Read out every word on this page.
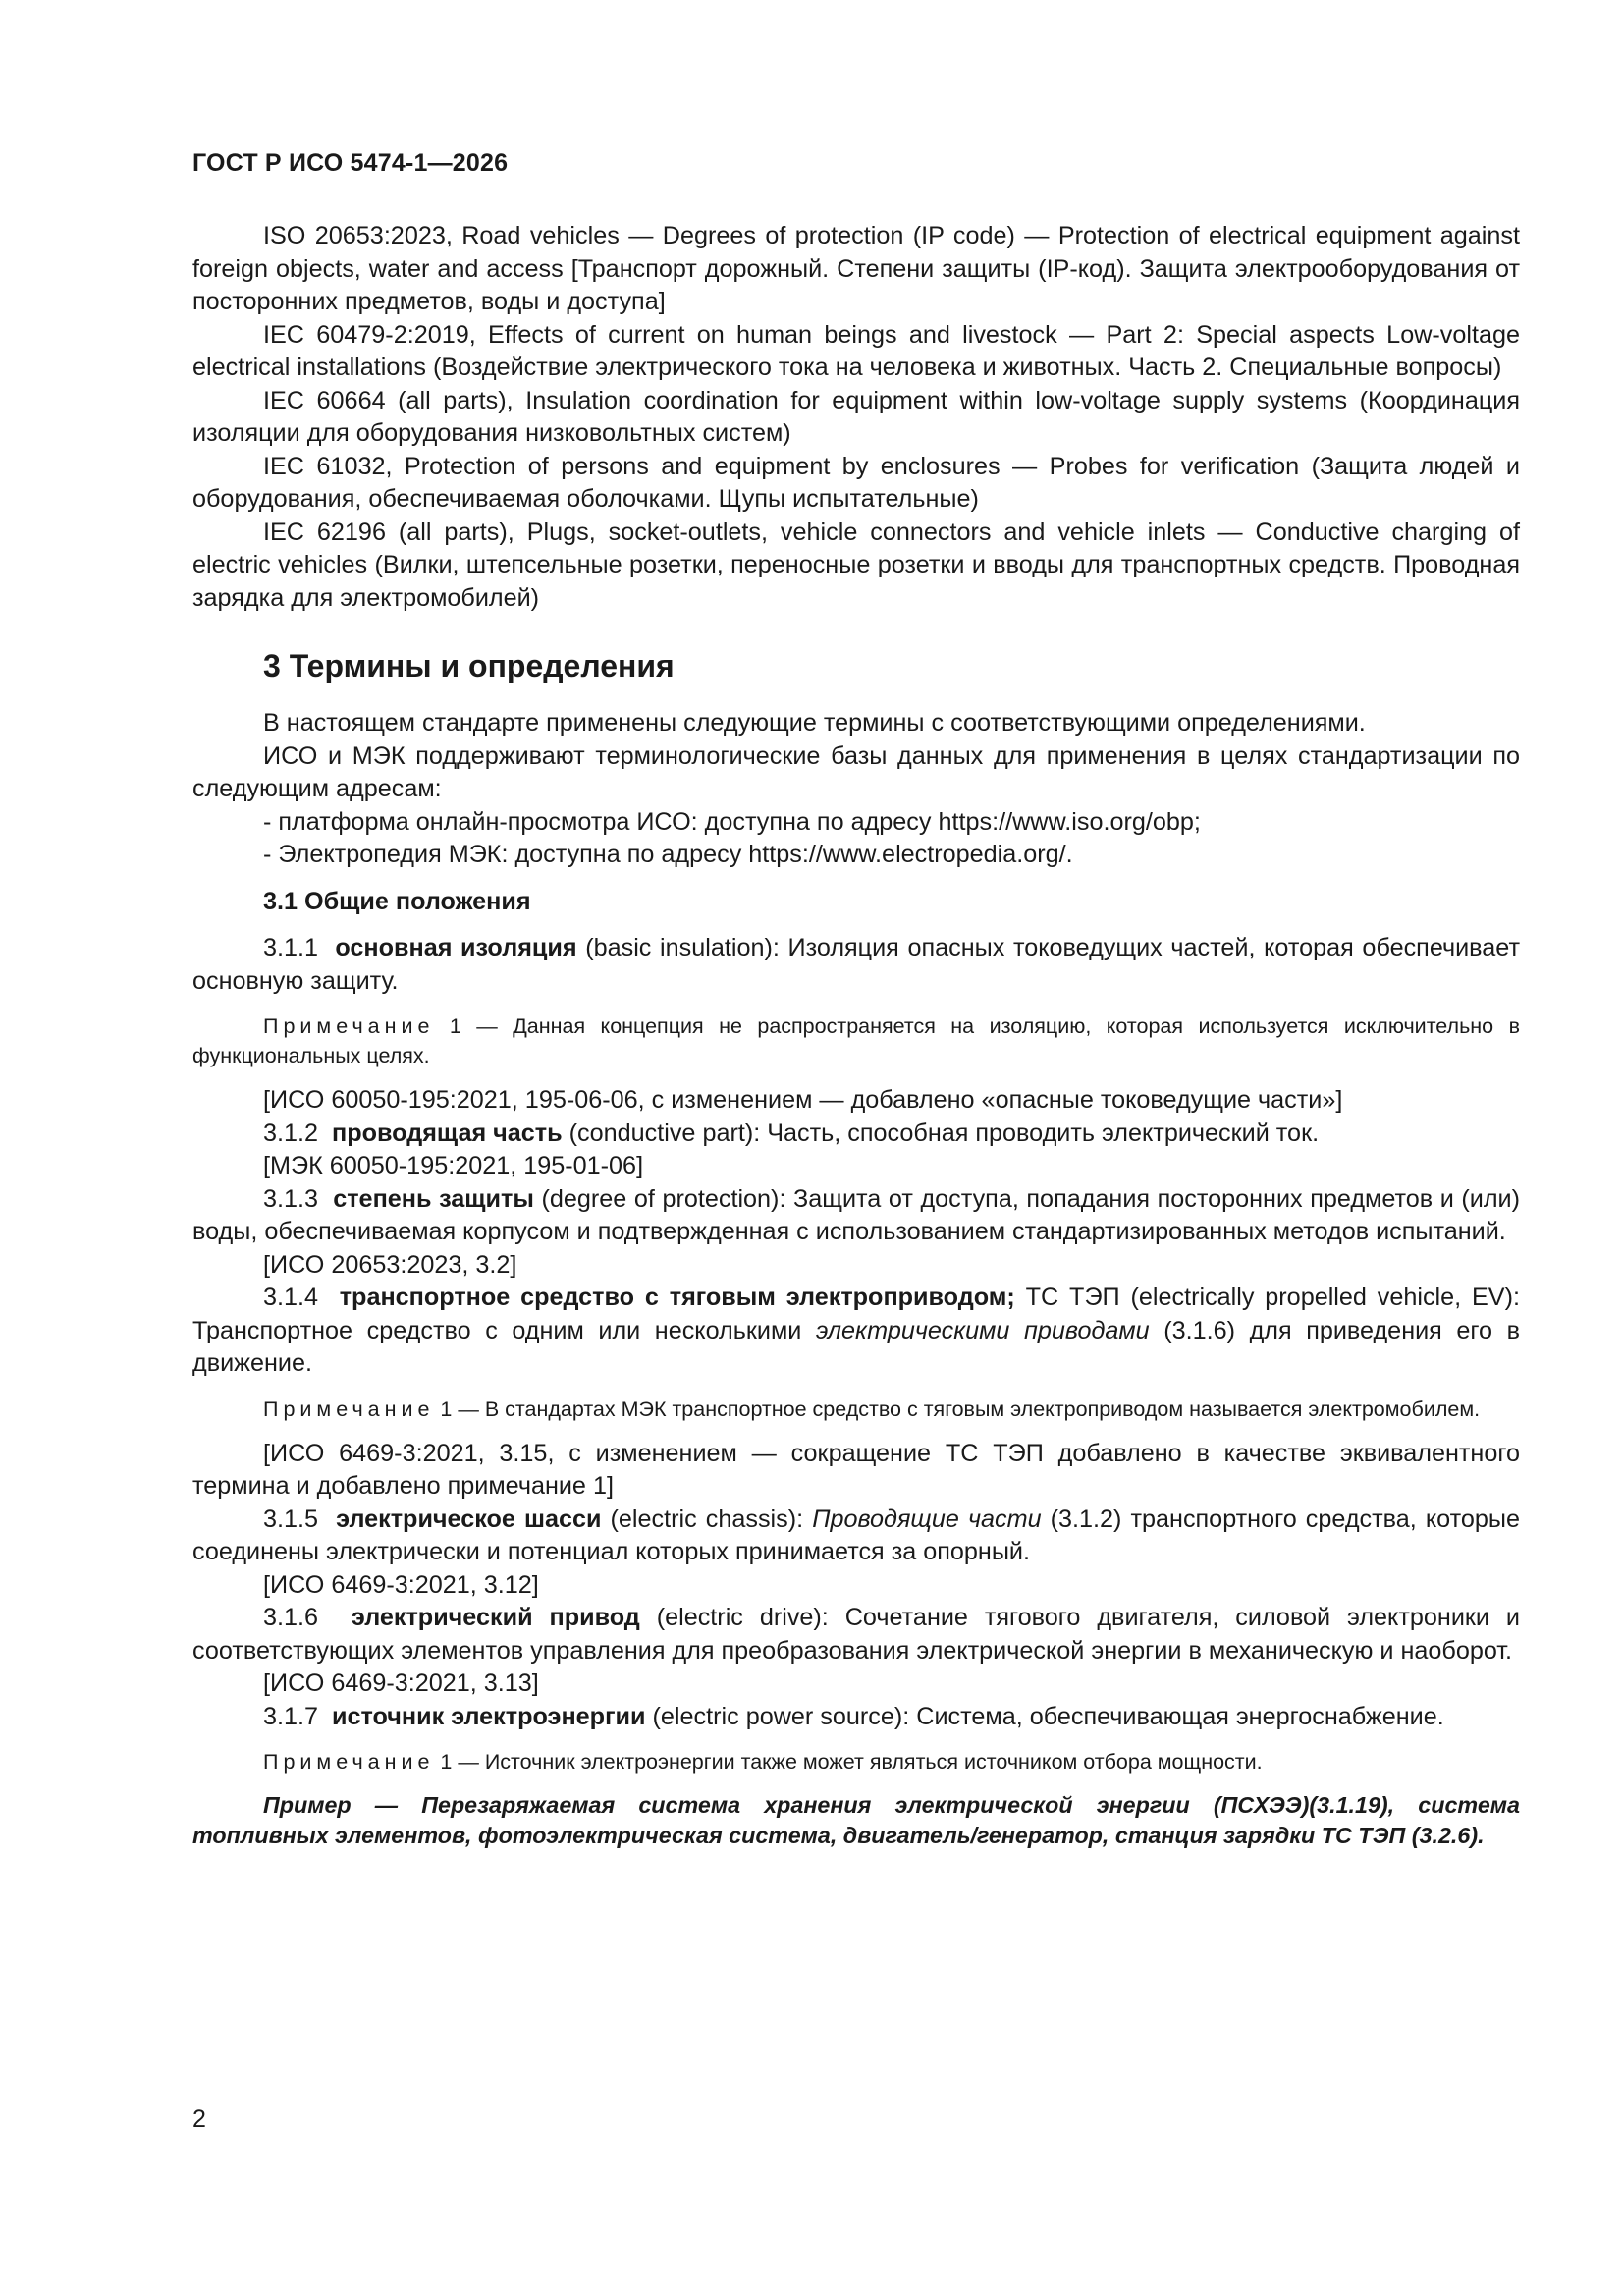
ГОСТ Р ИСО 5474-1—2026

ISO 20653:2023, Road vehicles — Degrees of protection (IP code) — Protection of electrical equipment against foreign objects, water and access [Транспорт дорожный. Степени защиты (IP-код). Защита электрооборудования от посторонних предметов, воды и доступа]

IEC 60479-2:2019, Effects of current on human beings and livestock — Part 2: Special aspects Low-voltage electrical installations (Воздействие электрического тока на человека и животных. Часть 2. Специальные вопросы)

IEC 60664 (all parts), Insulation coordination for equipment within low-voltage supply systems (Координация изоляции для оборудования низковольтных систем)

IEC 61032, Protection of persons and equipment by enclosures — Probes for verification (Защита людей и оборудования, обеспечиваемая оболочками. Щупы испытательные)

IEC 62196 (all parts), Plugs, socket-outlets, vehicle connectors and vehicle inlets — Conductive charging of electric vehicles (Вилки, штепсельные розетки, переносные розетки и вводы для транспортных средств. Проводная зарядка для электромобилей)

3 Термины и определения

В настоящем стандарте применены следующие термины с соответствующими определениями.

ИСО и МЭК поддерживают терминологические базы данных для применения в целях стандартизации по следующим адресам:

- платформа онлайн-просмотра ИСО: доступна по адресу https://www.iso.org/obp;

- Электропедия МЭК: доступна по адресу https://www.electropedia.org/.

3.1 Общие положения

3.1.1 основная изоляция (basic insulation): Изоляция опасных токоведущих частей, которая обеспечивает основную защиту.

Примечание 1 — Данная концепция не распространяется на изоляцию, которая используется исключительно в функциональных целях.

[ИСО 60050-195:2021, 195-06-06, с изменением — добавлено «опасные токоведущие части»]

3.1.2 проводящая часть (conductive part): Часть, способная проводить электрический ток.

[МЭК 60050-195:2021, 195-01-06]

3.1.3 степень защиты (degree of protection): Защита от доступа, попадания посторонних предметов и (или) воды, обеспечиваемая корпусом и подтвержденная с использованием стандартизированных методов испытаний.

[ИСО 20653:2023, 3.2]

3.1.4 транспортное средство с тяговым электроприводом; ТС ТЭП (electrically propelled vehicle, EV): Транспортное средство с одним или несколькими электрическими приводами (3.1.6) для приведения его в движение.

Примечание 1 — В стандартах МЭК транспортное средство с тяговым электроприводом называется электромобилем.

[ИСО 6469-3:2021, 3.15, с изменением — сокращение ТС ТЭП добавлено в качестве эквивалентного термина и добавлено примечание 1]

3.1.5 электрическое шасси (electric chassis): Проводящие части (3.1.2) транспортного средства, которые соединены электрически и потенциал которых принимается за опорный.

[ИСО 6469-3:2021, 3.12]

3.1.6 электрический привод (electric drive): Сочетание тягового двигателя, силовой электроники и соответствующих элементов управления для преобразования электрической энергии в механическую и наоборот.

[ИСО 6469-3:2021, 3.13]

3.1.7 источник электроэнергии (electric power source): Система, обеспечивающая энергоснабжение.

Примечание 1 — Источник электроэнергии также может являться источником отбора мощности.

Пример — Перезаряжаемая система хранения электрической энергии (ПСХЭЭ)(3.1.19), система топливных элементов, фотоэлектрическая система, двигатель/генератор, станция зарядки ТС ТЭП (3.2.6).

2
